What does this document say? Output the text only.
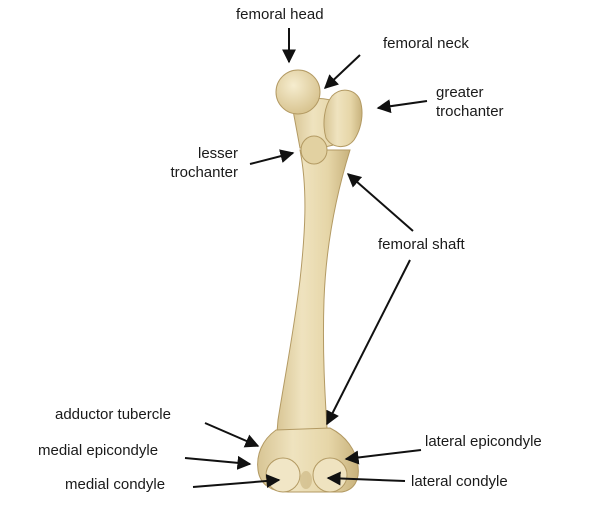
femoral head
femoral neck
greater
trochanter
lesser
trochanter
femoral shaft
adductor tubercle
medial epicondyle
medial condyle
lateral epicondyle
lateral condyle
